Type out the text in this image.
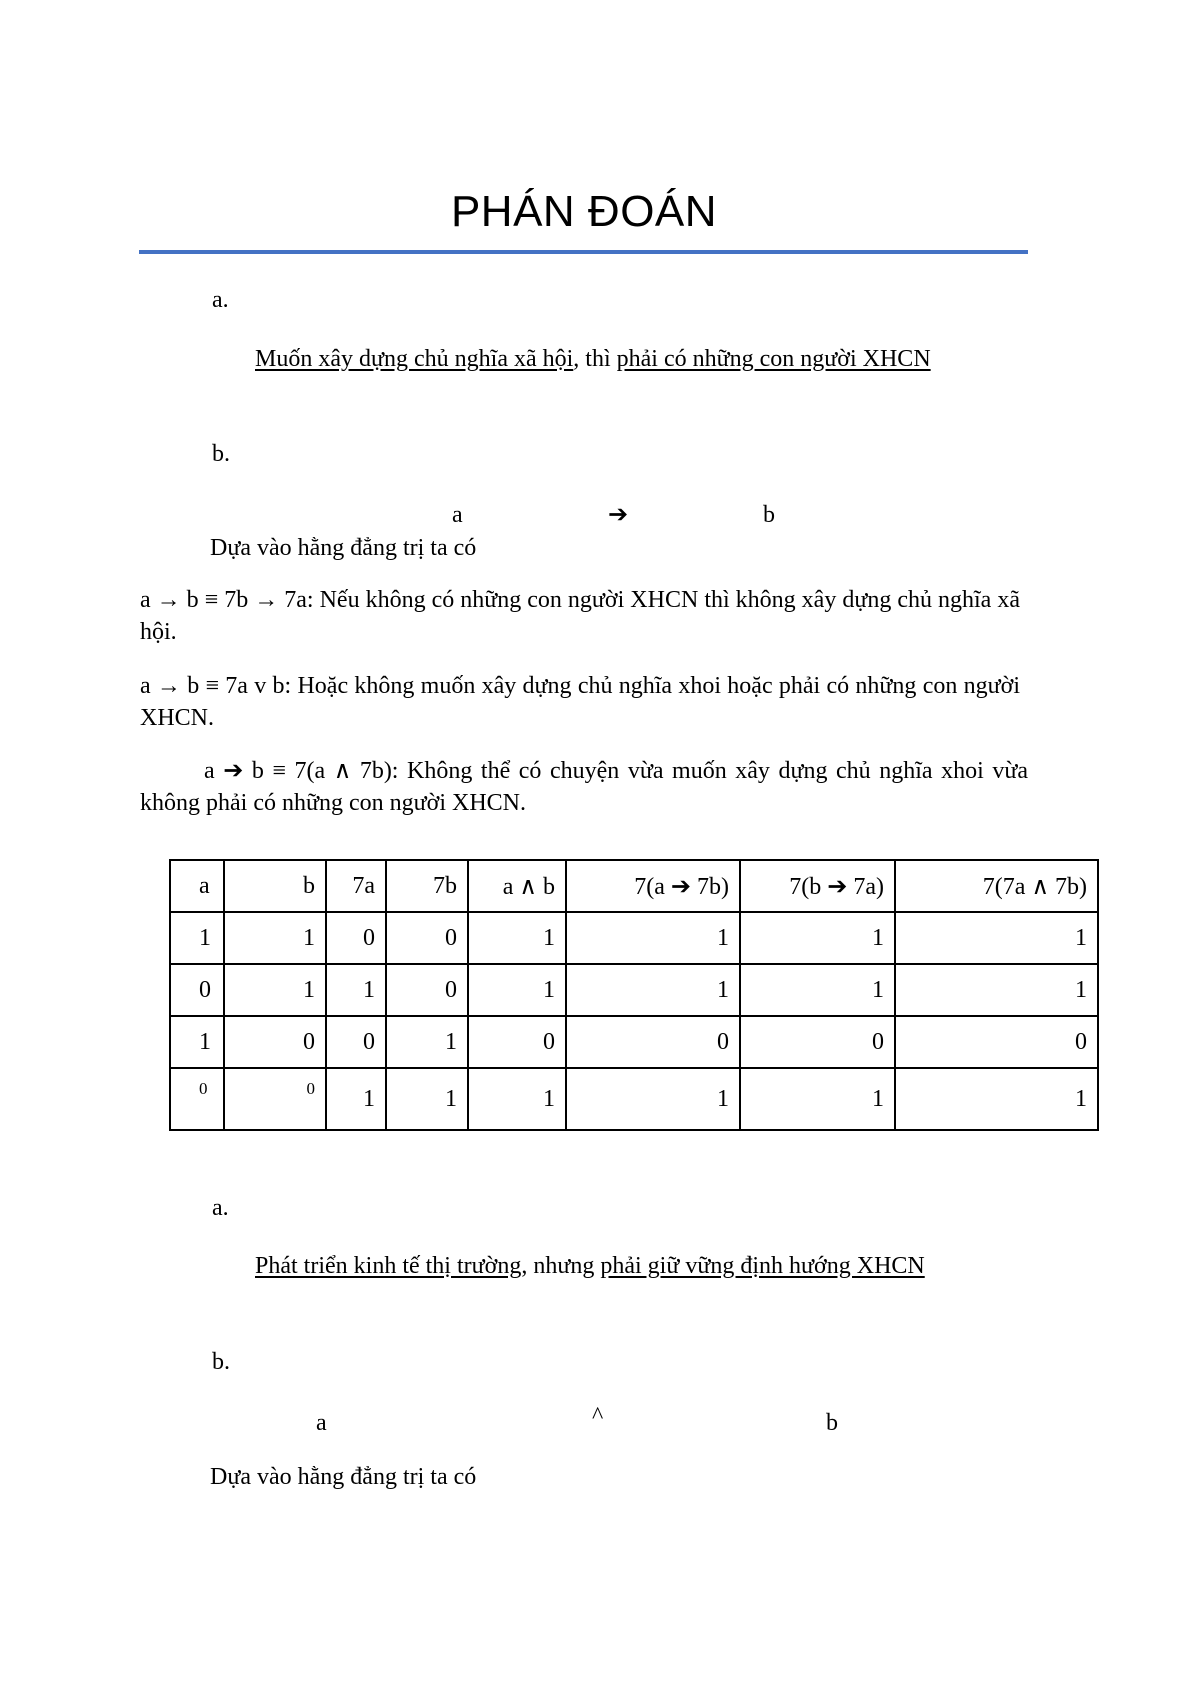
PHÁN ĐOÁN
a.
Muốn xây dựng chủ nghĩa xã hội, thì phải có những con người XHCN
b.
a	➔	b
Dựa vào hằng đẳng trị ta có
a → b ≡ 7b → 7a: Nếu không có những con người XHCN thì không xây dựng chủ nghĩa xã hội.
a → b ≡ 7a v b: Hoặc không muốn xây dựng chủ nghĩa xhoi hoặc phải có những con người XHCN.
a ➔ b ≡ 7(a ∧ 7b): Không thể có chuyện vừa muốn xây dựng chủ nghĩa xhoi vừa không phải có những con người XHCN.
a	b	7a	7b	a ∧ b	7(a ➔ 7b)	7(b ➔ 7a)	7(7a ∧ 7b)
1	1	0	0	1	1	1	1
0	1	1	0	1	1	1	1
1	0	0	1	0	0	0	0
0	0	1	1	1	1	1	1
a.
Phát triển kinh tế thị trường, nhưng phải giữ vững định hướng XHCN
b.
a	^	b
Dựa vào hằng đẳng trị ta có
